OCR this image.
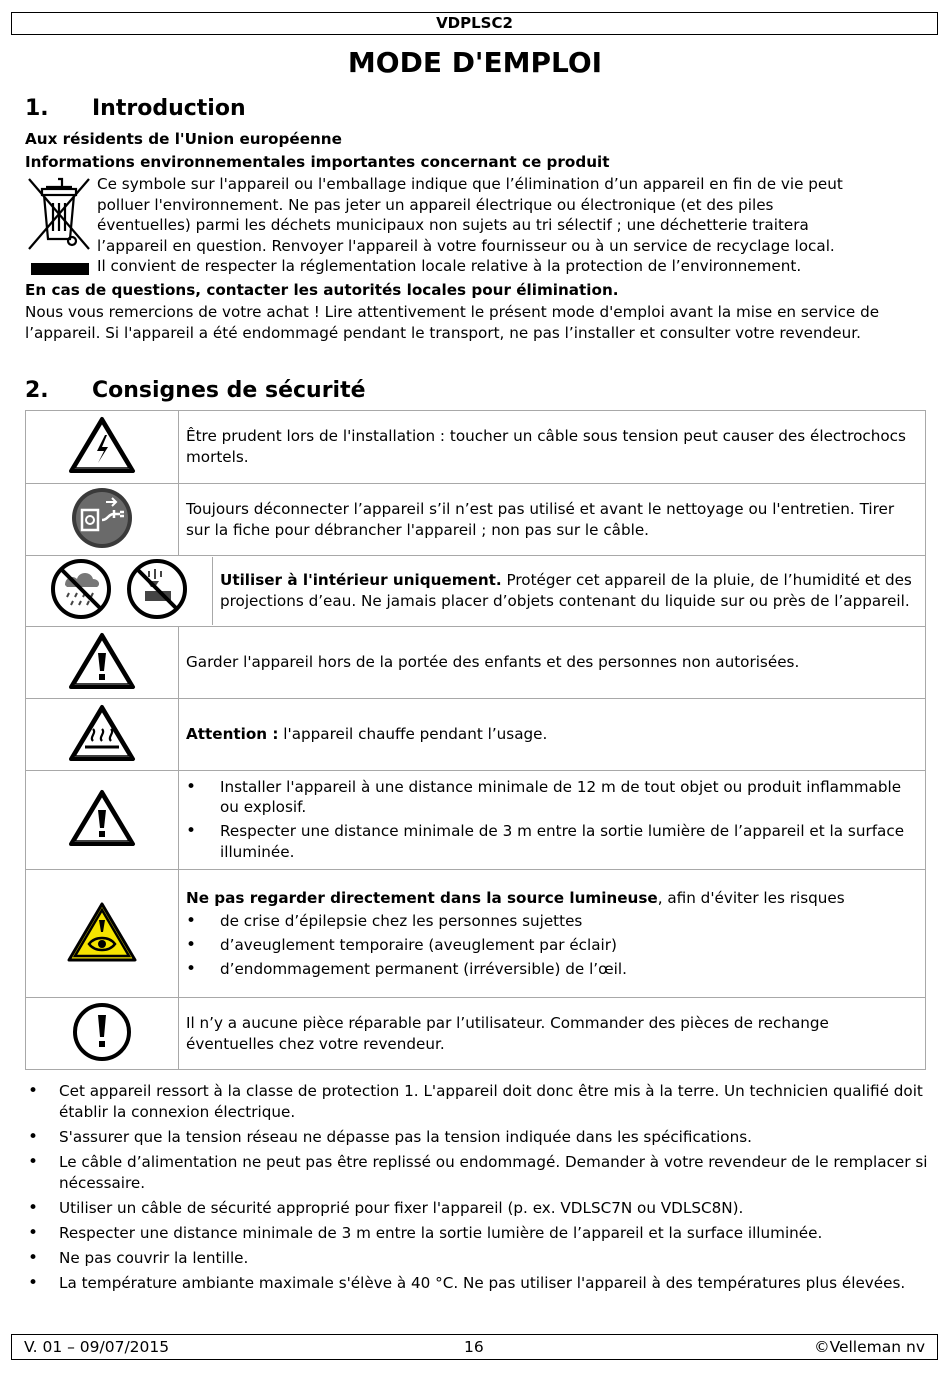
VDPLSC2
MODE D'EMPLOI
1. Introduction
Aux résidents de l'Union européenne
Informations environnementales importantes concernant ce produit
Ce symbole sur l'appareil ou l'emballage indique que l’élimination d’un appareil en fin de vie peut
polluer l'environnement. Ne pas jeter un appareil électrique ou électronique (et des piles
éventuelles) parmi les déchets municipaux non sujets au tri sélectif ; une déchetterie traitera
l’appareil en question. Renvoyer l'appareil à votre fournisseur ou à un service de recyclage local.
Il convient de respecter la réglementation locale relative à la protection de l’environnement.
En cas de questions, contacter les autorités locales pour élimination.
Nous vous remercions de votre achat ! Lire attentivement le présent mode d'emploi avant la mise en service de l’appareil. Si l'appareil a été endommagé pendant le transport, ne pas l’installer et consulter votre revendeur.
2. Consignes de sécurité
	Être prudent lors de l'installation : toucher un câble sous tension peut causer des électrochocs mortels.
	Toujours déconnecter l’appareil s’il n’est pas utilisé et avant le nettoyage ou l'entretien. Tirer sur la fiche pour débrancher l'appareil ; non pas sur le câble.

	Utiliser à l'intérieur uniquement. Protéger cet appareil de la pluie, de l’humidité et des projections d’eau. Ne jamais placer d’objets contenant du liquide sur ou près de l’appareil.

	Garder l'appareil hors de la portée des enfants et des personnes non autorisées.
	Attention : l'appareil chauffe pendant l’usage.

• Installer l'appareil à une distance minimale de 12 m de tout objet ou produit inflammable ou explosif.
• Respecter une distance minimale de 3 m entre la sortie lumière de l’appareil et la surface illuminée.

Ne pas regarder directement dans la source lumineuse, afin d'éviter les risques
• de crise d’épilepsie chez les personnes sujettes
• d’aveuglement temporaire (aveuglement par éclair)
• d’endommagement permanent (irréversible) de l’œil.

	Il n’y a aucune pièce réparable par l’utilisateur. Commander des pièces de rechange éventuelles chez votre revendeur.
• Cet appareil ressort à la classe de protection 1. L'appareil doit donc être mis à la terre. Un technicien qualifié doit établir la connexion électrique.
• S'assurer que la tension réseau ne dépasse pas la tension indiquée dans les spécifications.
• Le câble d’alimentation ne peut pas être replissé ou endommagé. Demander à votre revendeur de le remplacer si nécessaire.
• Utiliser un câble de sécurité approprié pour fixer l'appareil (p. ex. VDLSC7N ou VDLSC8N).
• Respecter une distance minimale de 3 m entre la sortie lumière de l’appareil et la surface illuminée.
• Ne pas couvrir la lentille.
• La température ambiante maximale s'élève à 40 °C. Ne pas utiliser l'appareil à des températures plus élevées.
V. 01 – 09/07/2015	16	©Velleman nv
